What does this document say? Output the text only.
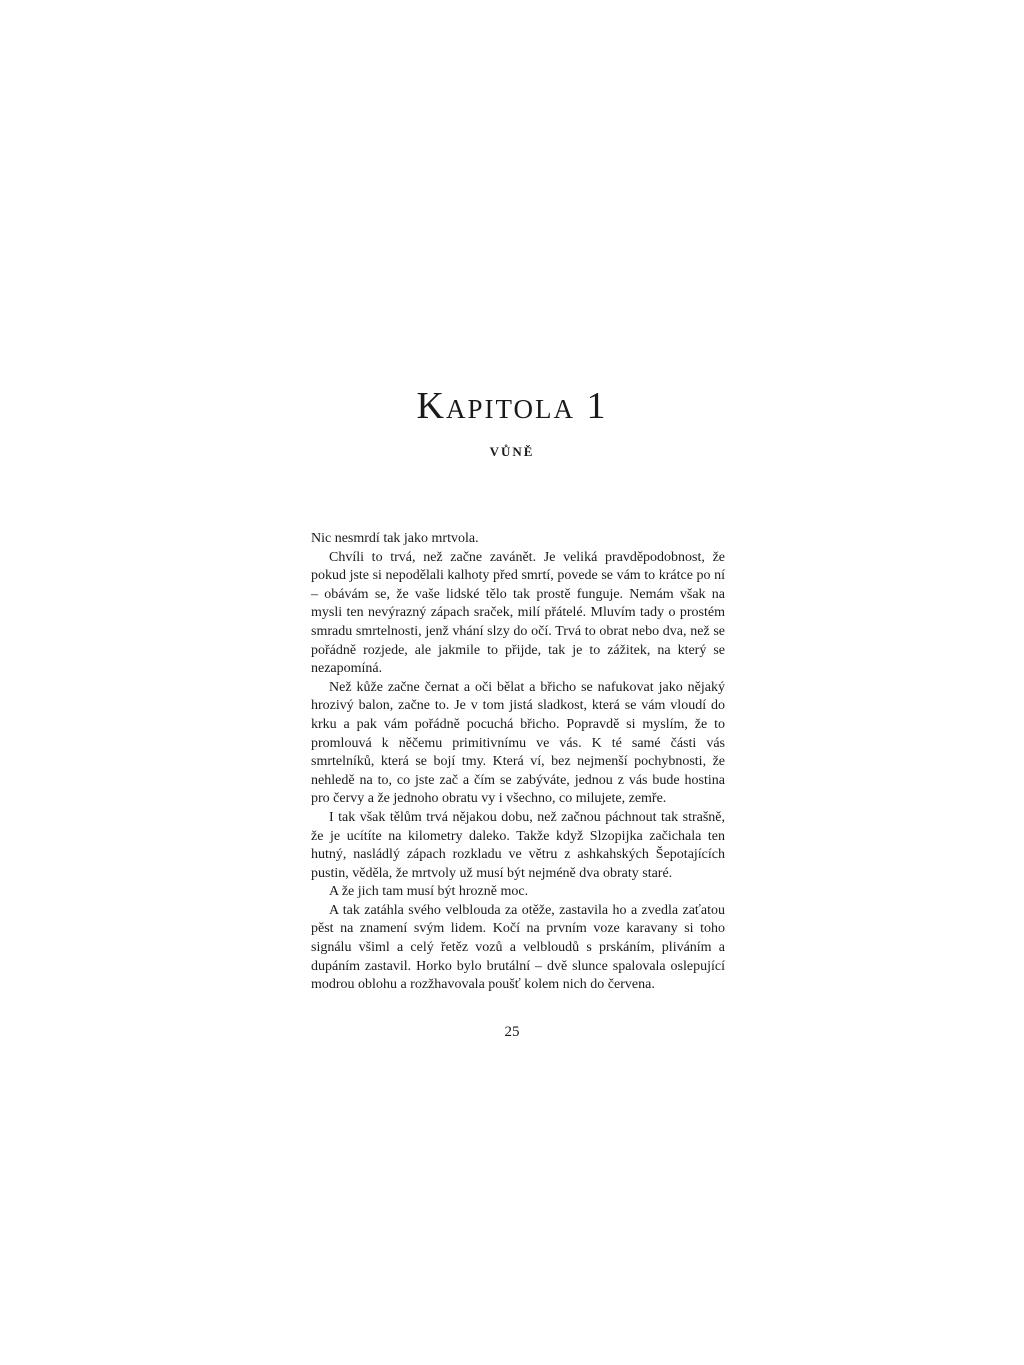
Kapitola 1
VŮNĚ

Nic nesmrdí tak jako mrtvola.

Chvíli to trvá, než začne zavánět. Je veliká pravděpodobnost, že pokud jste si nepodělali kalhoty před smrtí, povede se vám to krátce po ní – obávám se, že vaše lidské tělo tak prostě funguje. Nemám však na mysli ten nevýrazný zápach sraček, milí přátelé. Mluvím tady o prostém smradu smrtelnosti, jenž vhání slzy do očí. Trvá to obrat nebo dva, než se pořádně rozjede, ale jakmile to přijde, tak je to zážitek, na který se nezapomíná.

Než kůže začne černat a oči bělat a břicho se nafukovat jako nějaký hrozivý balon, začne to. Je v tom jistá sladkost, která se vám vloudí do krku a pak vám pořádně pocuchá břicho. Popravdě si myslím, že to promlouvá k něčemu primitivnímu ve vás. K té samé části vás smrtelníků, která se bojí tmy. Která ví, bez nejmenší pochybnosti, že nehledě na to, co jste zač a čím se zabýváte, jednou z vás bude hostina pro červy a že jednoho obratu vy i všechno, co milujete, zemře.

I tak však tělům trvá nějakou dobu, než začnou páchnout tak strašně, že je ucítíte na kilometry daleko. Takže když Slzopijka začichala ten hutný, nasládlý zápach rozkladu ve větru z ashkahských Šepotajících pustin, věděla, že mrtvoly už musí být nejméně dva obraty staré.

A že jich tam musí být hrozně moc.

A tak zatáhla svého velblouda za otěže, zastavila ho a zvedla zaťatou pěst na znamení svým lidem. Kočí na prvním voze karavany si toho signálu všiml a celý řetěz vozů a velbloudů s prskáním, pliváním a dupáním zastavil. Horko bylo brutální – dvě slunce spalovala oslepující modrou oblohu a rozžhavovala poušť kolem nich do červena.

25
